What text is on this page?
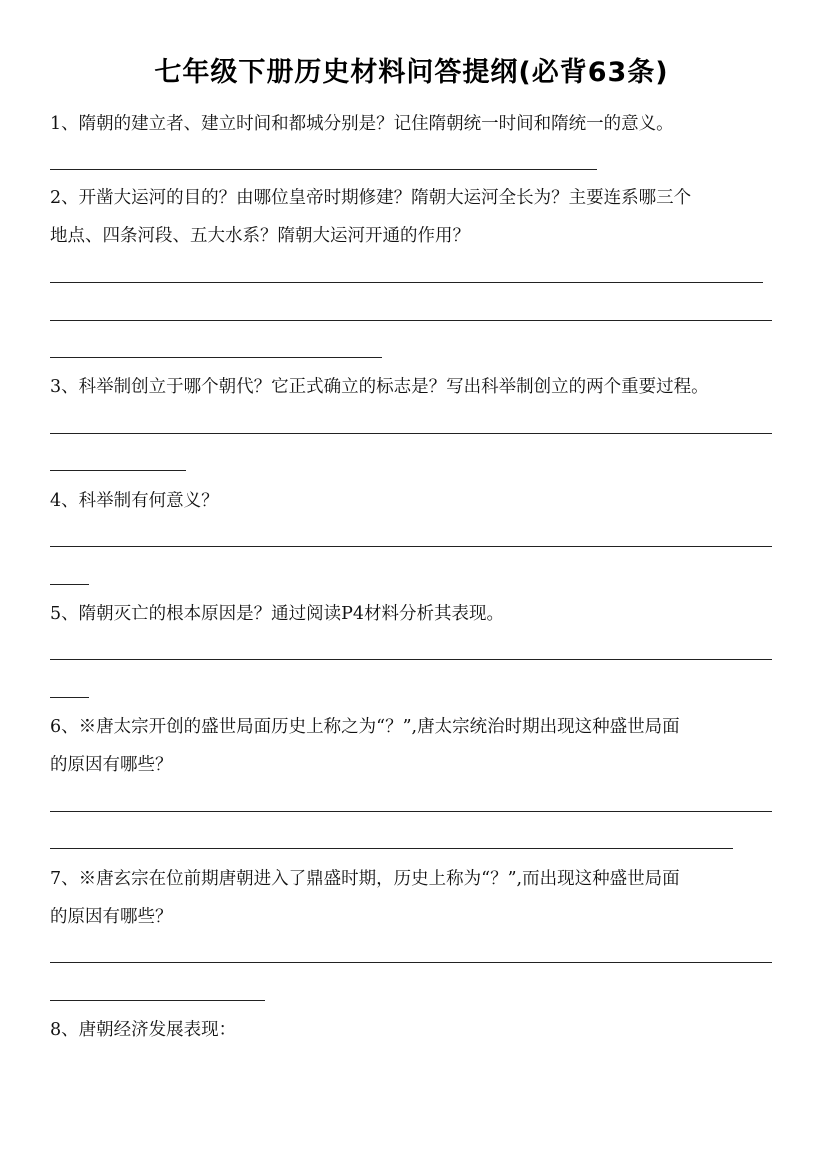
七年级下册历史材料问答提纲(必背63条)
1、隋朝的建立者、建立时间和都城分别是？记住隋朝统一时间和隋统一的意义。
2、开凿大运河的目的？由哪位皇帝时期修建？隋朝大运河全长为？主要连系哪三个
地点、四条河段、五大水系？隋朝大运河开通的作用？
3、科举制创立于哪个朝代？它正式确立的标志是？写出科举制创立的两个重要过程。
4、科举制有何意义？
5、隋朝灭亡的根本原因是？通过阅读P4材料分析其表现。
6、※唐太宗开创的盛世局面历史上称之为“？”,唐太宗统治时期出现这种盛世局面
的原因有哪些？
7、※唐玄宗在位前期唐朝进入了鼎盛时期，历史上称为“？”,而出现这种盛世局面
的原因有哪些？
8、唐朝经济发展表现：
